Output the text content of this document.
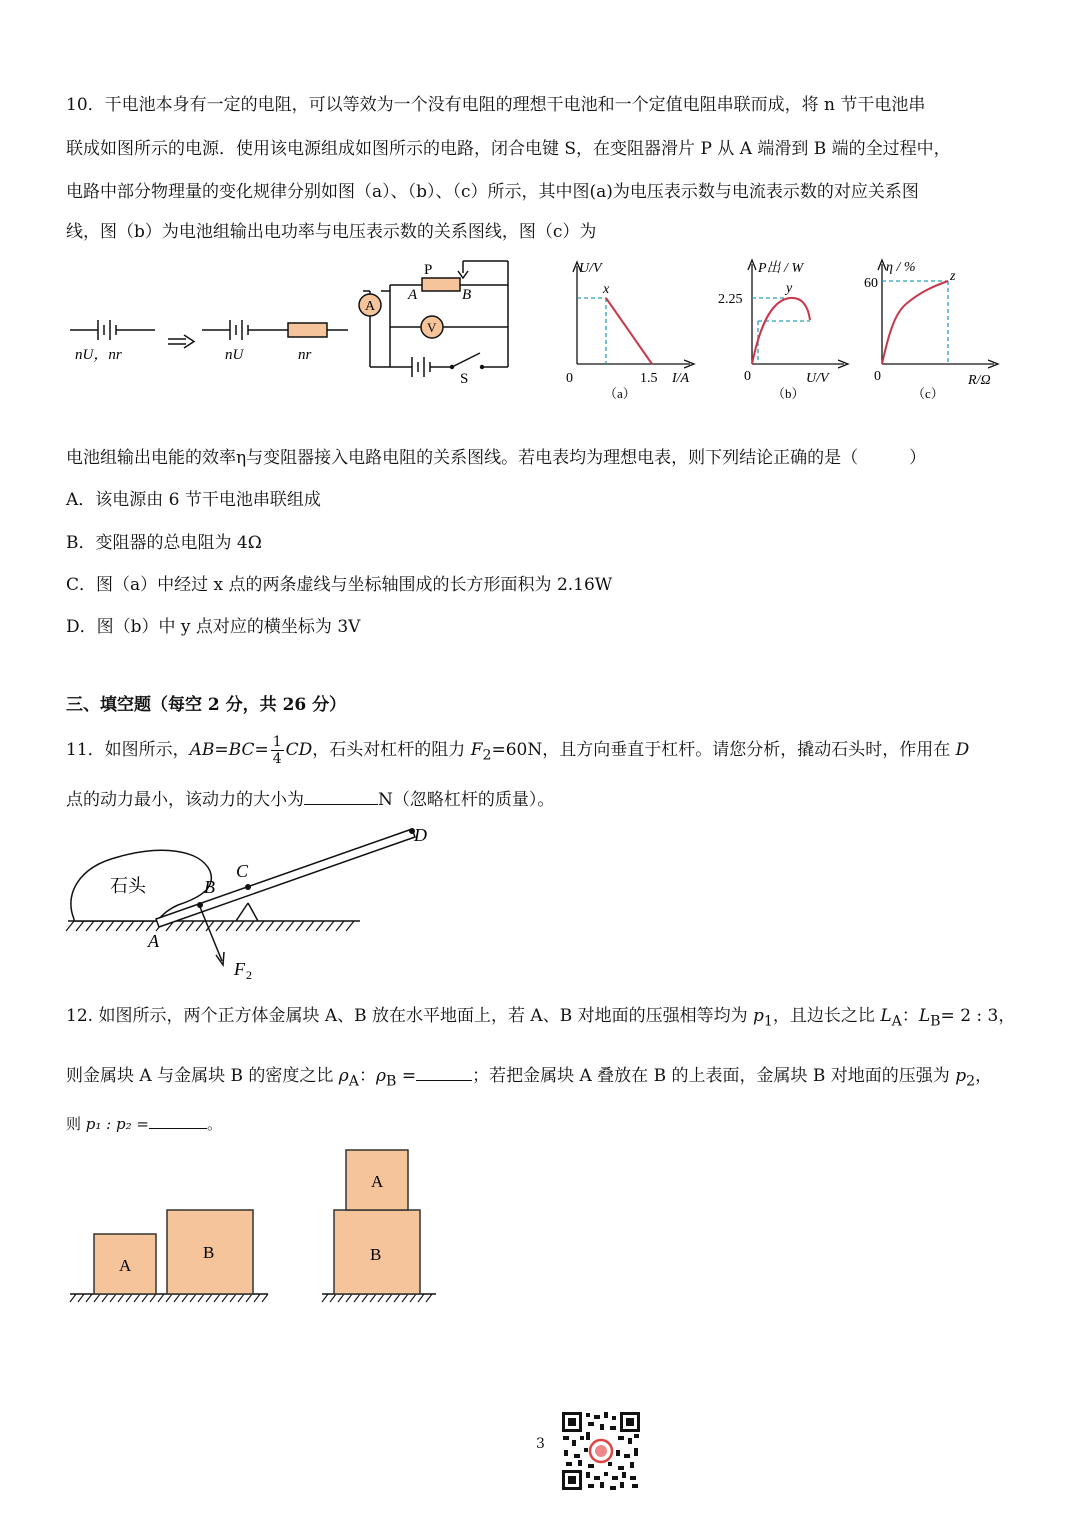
10．干电池本身有一定的电阻，可以等效为一个没有电阻的理想干电池和一个定值电阻串联而成，将 n 节干电池串
联成如图所示的电源．使用该电源组成如图所示的电路，闭合电键 S，在变阻器滑片 P 从 A 端滑到 B 端的全过程中，
电路中部分物理量的变化规律分别如图（a）、（b）、（c）所示，其中图(a)为电压表示数与电流表示数的对应关系图
线，图（b）为电池组输出电功率与电压表示数的关系图线，图（c）为
A
V
P
A	B
S
nU，nr	nU	nr
U/V
I/A
0	1.5
x
（a）
P出 / W
U/V
0
2.25
y
（b）
η / %
R/Ω
0
60	z
（c）
电池组输出电能的效率η与变阻器接入电路电阻的关系图线。若电表均为理想电表，则下列结论正确的是（　　　）
A．该电源由 6 节干电池串联组成
B．变阻器的总电阻为 4Ω
C．图（a）中经过 x 点的两条虚线与坐标轴围成的长方形面积为 2.16W
D．图（b）中 y 点对应的横坐标为 3V
三、填空题（每空 2 分，共 26 分）
11．如图所示，$AB=BC= \frac{1}{4}$ CD，石头对杠杆的阻力 $F_2=60N$，且方向垂直于杠杆。请您分析，撬动石头时，作用在 D
点的动力最小，该动力的大小为	N（忽略杠杆的质量）。
石头
A
B
C
D
F 2
12. 如图所示，两个正方体金属块 A、B 放在水平地面上，若 A、B 对地面的压强相等均为 $p_1$，且边长之比 $L_A$：$L_B= 2$ : 3，
则金属块 A 与金属块 B 的密度之比 $\rho_A$：$\rho_B$ =	；若把金属块 A 叠放在 B 的上表面，金属块 B 对地面的压强为 $p_2$，
则 p₁ : p₂ =	。
A
B
A
B
3
